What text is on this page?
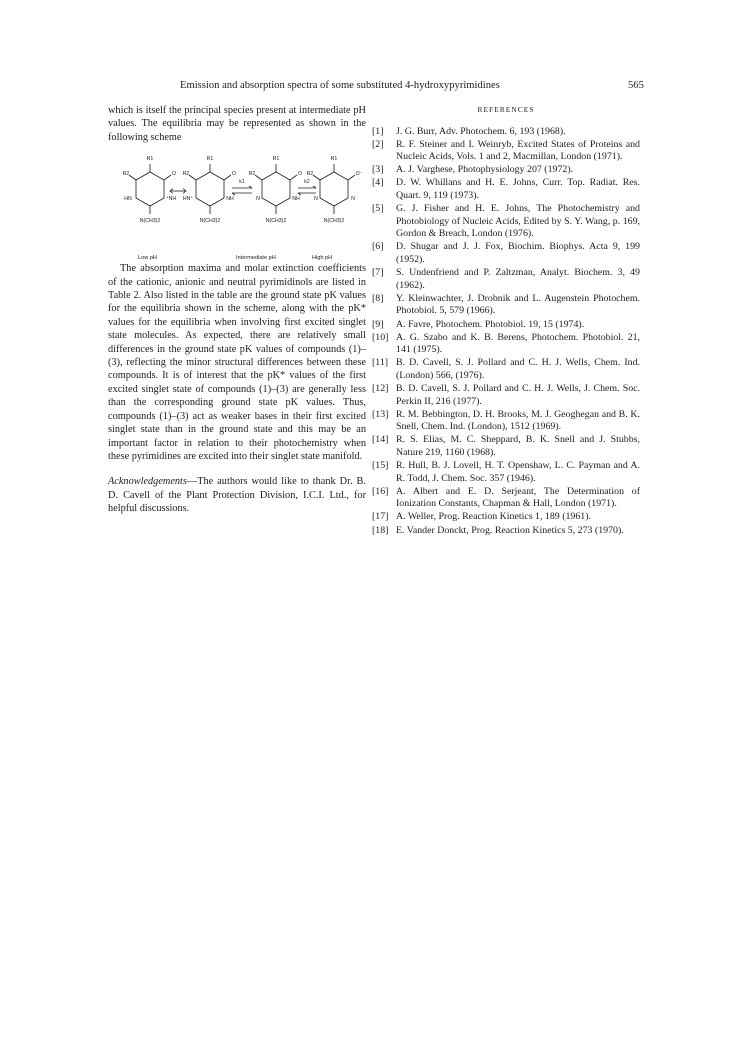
Emission and absorption spectra of some substituted 4-hydroxypyrimidines	565

which is itself the principal species present at intermediate pH values. The equilibria may be represented as shown in the following scheme

R1
R2	O
HN	⁺NH
N(CH3)2
R1
R2	O
HN⁺	NH
N(CH3)2
R1
R2	O
N	NH
N(CH3)2
R1
R2	O⁻
N	N
N(CH3)2
k1	k2
Low pH	Intermediate pH	High pH

The absorption maxima and molar extinction coefficients of the cationic, anionic and neutral pyrimidinols are listed in Table 2. Also listed in the table are the ground state pK values for the equilibria shown in the scheme, along with the pK* values for the equilibria when involving first excited singlet state molecules. As expected, there are relatively small differences in the ground state pK values of compounds (1)–(3), reflecting the minor structural differences between these compounds. It is of interest that the pK* values of the first excited singlet state of compounds (1)–(3) are generally less than the corresponding ground state pK values. Thus, compounds (1)–(3) act as weaker bases in their first excited singlet state than in the ground state and this may be an important factor in relation to their photochemistry when these pyrimidines are excited into their singlet state manifold.

Acknowledgements—The authors would like to thank Dr. B. D. Cavell of the Plant Protection Division, I.C.I. Ltd., for helpful discussions.

REFERENCES
[1]	J. G. Burr, Adv. Photochem. 6, 193 (1968).
[2]	R. F. Steiner and I. Weinryb, Excited States of Proteins and Nucleic Acids, Vols. 1 and 2, Macmillan, London (1971).
[3]	A. J. Varghese, Photophysiology 207 (1972).
[4]	D. W. Whillans and H. E. Johns, Curr. Top. Radiat. Res. Quart. 9, 119 (1973).
[5]	G. J. Fisher and H. E. Johns, The Photochemistry and Photobiology of Nucleic Acids, Edited by S. Y. Wang, p. 169, Gordon & Breach, London (1976).
[6]	D. Shugar and J. J. Fox, Biochim. Biophys. Acta 9, 199 (1952).
[7]	S. Undenfriend and P. Zaltzman, Analyt. Biochem. 3, 49 (1962).
[8]	Y. Kleinwachter, J. Drobnik and L. Augenstein Photochem. Photobiol. 5, 579 (1966).
[9]	A. Favre, Photochem. Photobiol. 19, 15 (1974).
[10] A. G. Szabo and K. B. Berens, Photochem. Photobiol. 21, 141 (1975).
[11] B. D. Cavell, S. J. Pollard and C. H. J. Wells, Chem. Ind. (London) 566, (1976).
[12] B. D. Cavell, S. J. Pollard and C. H. J. Wells, J. Chem. Soc. Perkin II, 216 (1977).
[13] R. M. Bebbington, D. H. Brooks, M. J. Geoghegan and B. K. Snell, Chem. Ind. (London), 1512 (1969).
[14] R. S. Elias, M. C. Sheppard, B. K. Snell and J. Stubbs, Nature 219, 1160 (1968).
[15] R. Hull, B. J. Lovell, H. T. Openshaw, L. C. Payman and A. R. Todd, J. Chem. Soc. 357 (1946).
[16] A. Albert and E. D. Serjeant, The Determination of Ionization Constants, Chapman & Hall, London (1971).
[17] A. Weller, Prog. Reaction Kinetics 1, 189 (1961).
[18] E. Vander Donckt, Prog. Reaction Kinetics 5, 273 (1970).
